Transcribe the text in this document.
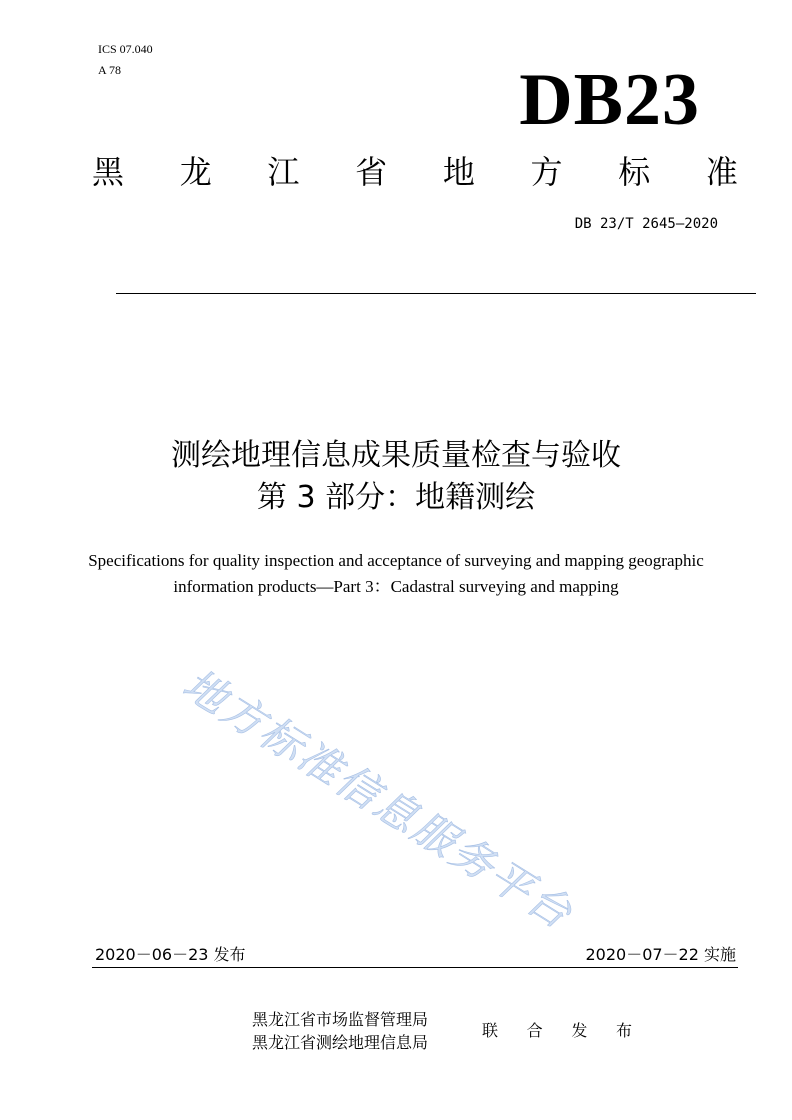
ICS 07.040
A 78	DB23
黑 龙 江 省 地 方 标 准
DB 23/T 2645—2020
测绘地理信息成果质量检查与验收
第 3 部分：地籍测绘
Specifications for quality inspection and acceptance of surveying and mapping geographic
information products—Part 3：Cadastral surveying and mapping
地方标准信息服务平台
2020－06－23 发布	2020－07－22 实施
黑龙江省市场监督管理局
黑龙江省测绘地理信息局
联 合 发 布
